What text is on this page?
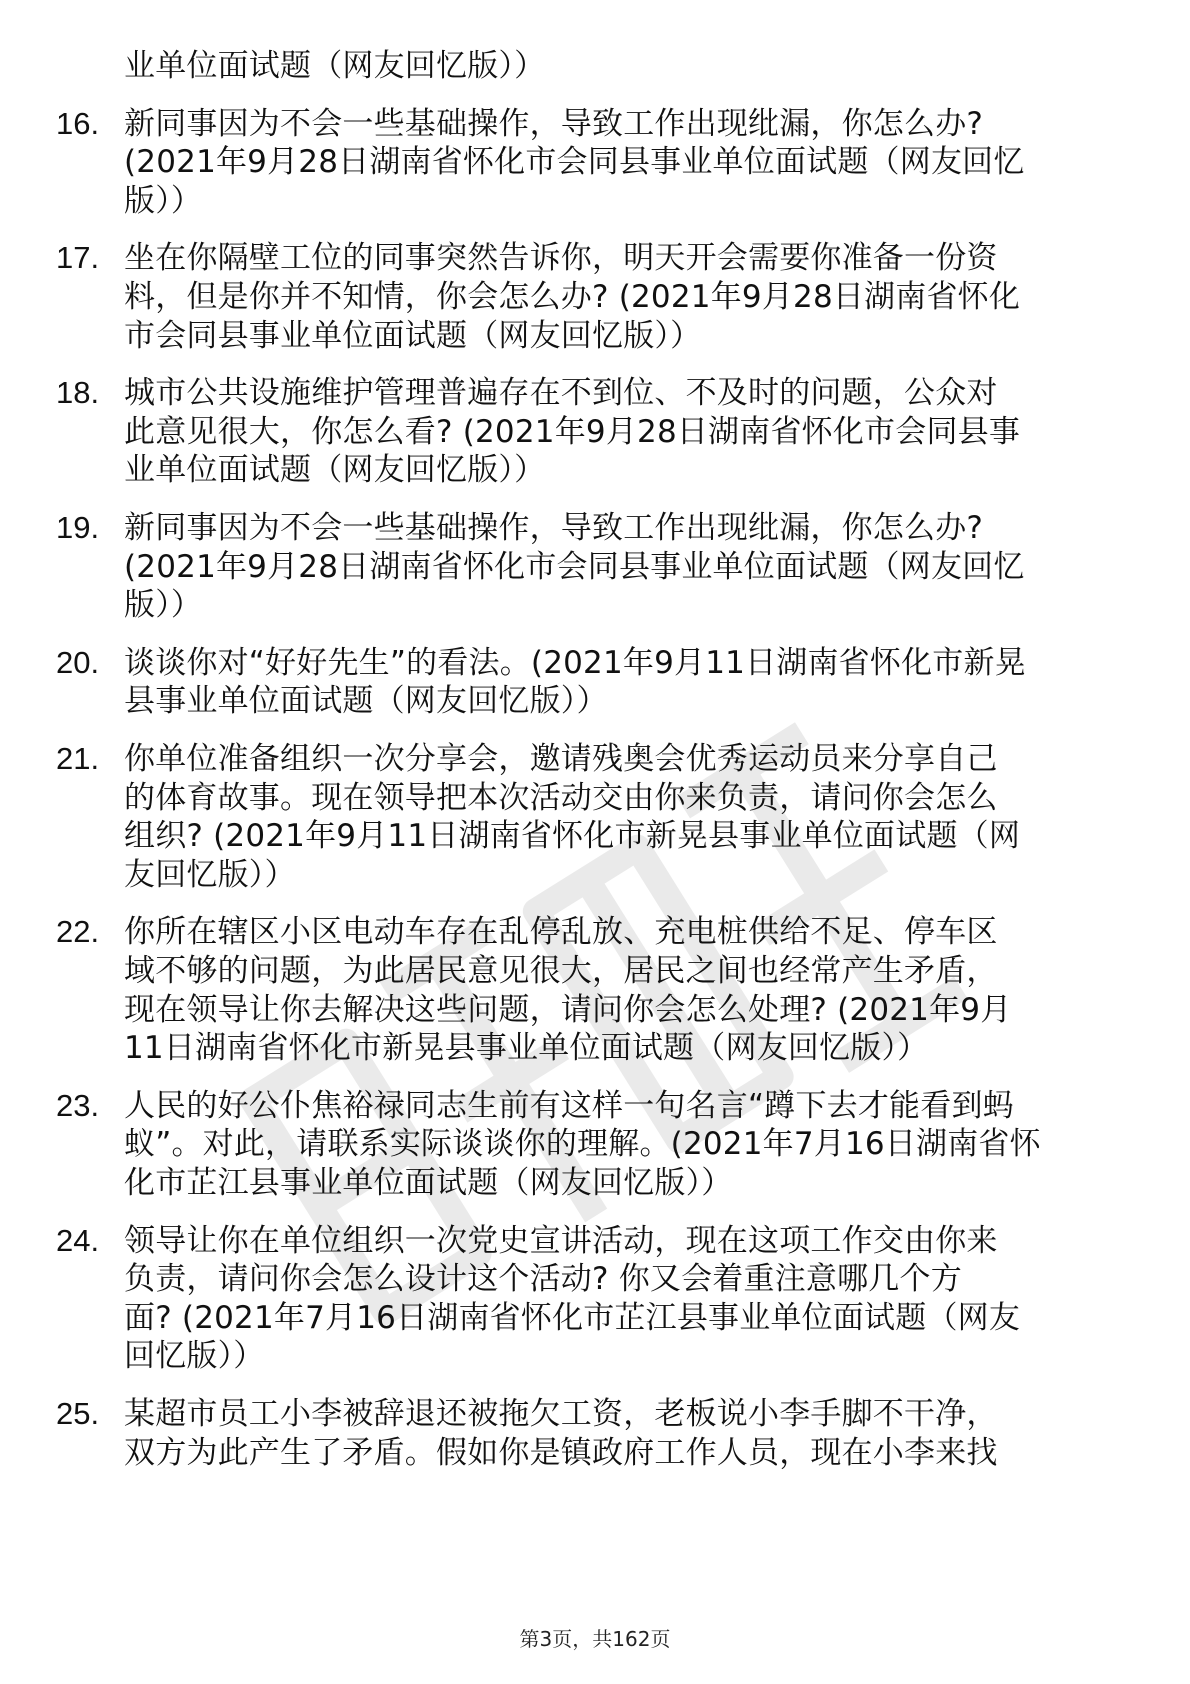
业单位面试题（网友回忆版））
16. 新同事因为不会一些基础操作，导致工作出现纰漏，你怎么办?
(2021年9月28日湖南省怀化市会同县事业单位面试题（网友回忆
版））
17. 坐在你隔壁工位的同事突然告诉你，明天开会需要你准备一份资
料，但是你并不知情，你会怎么办? (2021年9月28日湖南省怀化
市会同县事业单位面试题（网友回忆版））
18. 城市公共设施维护管理普遍存在不到位、不及时的问题，公众对
此意见很大，你怎么看? (2021年9月28日湖南省怀化市会同县事
业单位面试题（网友回忆版））
19. 新同事因为不会一些基础操作，导致工作出现纰漏，你怎么办?
(2021年9月28日湖南省怀化市会同县事业单位面试题（网友回忆
版））
20. 谈谈你对“好好先生”的看法。(2021年9月11日湖南省怀化市新晃
县事业单位面试题（网友回忆版））
21. 你单位准备组织一次分享会，邀请残奥会优秀运动员来分享自己
的体育故事。现在领导把本次活动交由你来负责，请问你会怎么
组织? (2021年9月11日湖南省怀化市新晃县事业单位面试题（网
友回忆版））
22. 你所在辖区小区电动车存在乱停乱放、充电桩供给不足、停车区
域不够的问题，为此居民意见很大，居民之间也经常产生矛盾，
现在领导让你去解决这些问题，请问你会怎么处理? (2021年9月
11日湖南省怀化市新晃县事业单位面试题（网友回忆版））
23. 人民的好公仆焦裕禄同志生前有这样一句名言“蹲下去才能看到蚂
蚁”。对此，请联系实际谈谈你的理解。(2021年7月16日湖南省怀
化市芷江县事业单位面试题（网友回忆版））
24. 领导让你在单位组织一次党史宣讲活动，现在这项工作交由你来
负责，请问你会怎么设计这个活动? 你又会着重注意哪几个方
面? (2021年7月16日湖南省怀化市芷江县事业单位面试题（网友
回忆版））
25. 某超市员工小李被辞退还被拖欠工资，老板说小李手脚不干净，
双方为此产生了矛盾。假如你是镇政府工作人员，现在小李来找
第3页，共162页
